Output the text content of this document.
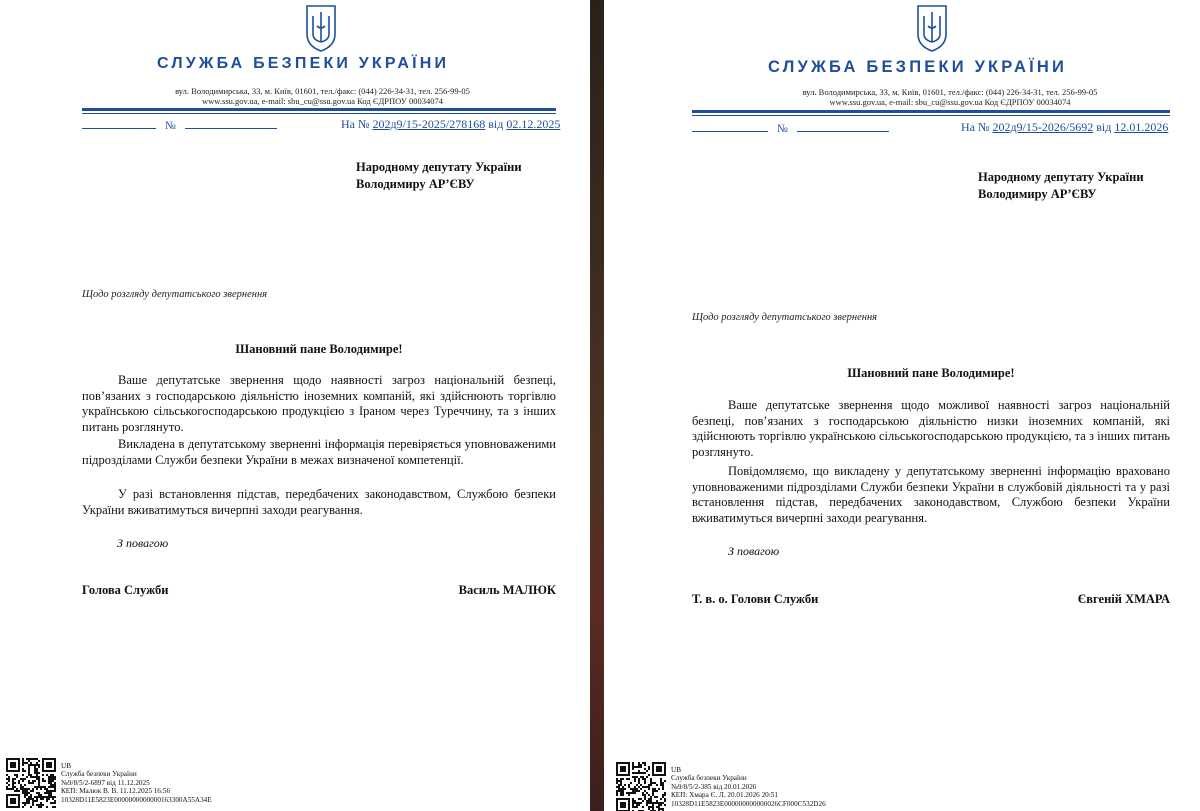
СЛУЖБА БЕЗПЕКИ УКРАЇНИ
вул. Володимирська, 33, м. Київ, 01601, тел./факс: (044) 226-34-31, тел. 256-99-05
www.ssu.gov.ua, e-mail: sbu_cu@ssu.gov.ua Код ЄДРПОУ 00034074
№	На № 202д9/15-2025/278168 від 02.12.2025
Народному депутату України
Володимиру АР’ЄВУ
Щодо розгляду депутатського звернення
Шановний пане Володимире!
Ваше депутатське звернення щодо наявності загроз національній безпеці, пов’язаних з господарською діяльністю іноземних компаній, які здійснюють торгівлю українською сільськогосподарською продукцією з Іраном через Туреччину, та з інших питань розглянуто.
Викладена в депутатському зверненні інформація перевіряється уповноваженими підрозділами Служби безпеки України в межах визначеної компетенції.
У разі встановлення підстав, передбачених законодавством, Службою безпеки України вживатимуться вичерпні заходи реагування.
З повагою
Голова Служби	Василь МАЛЮК
UB
Служба безпеки України
№9/8/5/2-6897 від 11.12.2025
КЕП: Малюк В. В. 11.12.2025 16:56
10328D11E5823E0000000000000163300A55A34E
СЛУЖБА БЕЗПЕКИ УКРАЇНИ
вул. Володимирська, 33, м. Київ, 01601, тел./факс: (044) 226-34-31, тел. 256-99-05
www.ssu.gov.ua, e-mail: sbu_cu@ssu.gov.ua Код ЄДРПОУ 00034074
№	На № 202д9/15-2026/5692 від 12.01.2026
Народному депутату України
Володимиру АР’ЄВУ
Щодо розгляду депутатського звернення
Шановний пане Володимире!
Ваше депутатське звернення щодо можливої наявності загроз національній безпеці, пов’язаних з господарською діяльністю низки іноземних компаній, які здійснюють торгівлю українською сільськогосподарською продукцією, та з інших питань розглянуто.
Повідомляємо, що викладену у депутатському зверненні інформацію враховано уповноваженими підрозділами Служби безпеки України в службовій діяльності та у разі встановлення підстав, передбачених законодавством, Службою безпеки України вживатимуться вичерпні заходи реагування.
З повагою
Т. в. о. Голови Служби	Євгеній ХМАРА
UB
Служба безпеки України
№9/8/5/2-385 від 20.01.2026
КЕП: Хмара Є. Л. 20.01.2026 20:51
10328D11E5823E000000000000026CF000C532D26
